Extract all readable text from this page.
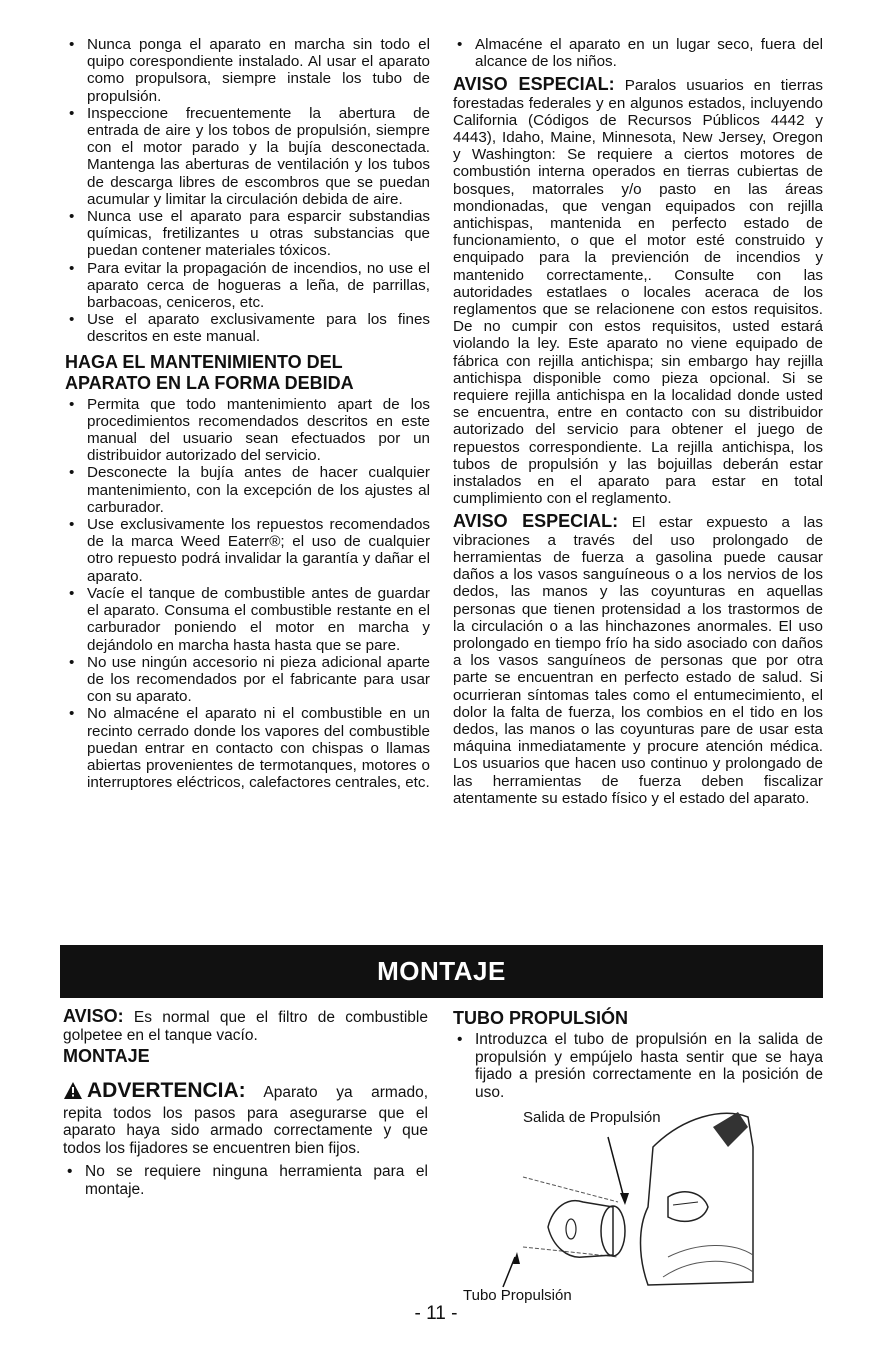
• Nunca ponga el aparato en marcha sin todo el quipo corespondiente instalado. Al usar el aparato como propulsora, siempre instale los tubo de propulsión.
• Inspeccione frecuentemente la abertura de entrada de aire y los tobos de propulsión, siempre con el motor parado y la bujía desconectada. Mantenga las aberturas de ventilación y los tubos de descarga libres de escombros que se puedan acumular y limitar la circulación debida de aire.
• Nunca use el aparato para esparcir substandias químicas, fretilizantes u otras substancias que puedan contener materiales tóxicos.
• Para evitar la propagación de incendios, no use el aparato cerca de hogueras a leña, de parrillas, barbacoas, ceniceros, etc.
• Use el aparato exclusivamente para los fines descritos en este manual.
HAGA EL MANTENIMIENTO DEL APARATO EN LA FORMA DEBIDA
• Permita que todo mantenimiento apart de los procedimientos recomendados descritos en este manual del usuario sean efectuados por un distribuidor autorizado del servicio.
• Desconecte la bujía antes de hacer cualquier mantenimiento, con la excepción de los ajustes al carburador.
• Use exclusivamente los repuestos recomendados de la marca Weed Eaterr®; el uso de cualquier otro repuesto podrá invalidar la garantía y dañar el aparato.
• Vacíe el tanque de combustible antes de guardar el aparato. Consuma el combustible restante en el carburador poniendo el motor en marcha y dejándolo en marcha hasta hasta que se pare.
• No use ningún accesorio ni pieza adicional aparte de los recomendados por el fabricante para usar con su aparato.
• No almacéne el aparato ni el combustible en un recinto cerrado donde los vapores del combustible puedan entrar en contacto con chispas o llamas abiertas provenientes de termotanques, motores o interruptores eléctricos, calefactores centrales, etc.
• Almacéne el aparato en un lugar seco, fuera del alcance de los niños.

AVISO ESPECIAL: Paralos usuarios en tierras forestadas federales y en algunos estados, incluyendo California (Códigos de Recursos Públicos 4442 y 4443), Idaho, Maine, Minnesota, New Jersey, Oregon y Washington: Se requiere a ciertos motores de combustión interna operados en tierras cubiertas de bosques, matorrales y/o pasto en las áreas mondionadas, que vengan equipados con rejilla antichispas, mantenida en perfecto estado de funcionamiento, o que el motor esté construido y enquipado para la previención de incendios y mantenido correctamente,. Consulte con las autoridades estatlaes o locales aceraca de los reglamentos que se relacionene con estos requisitos. De no cumpir con estos requisitos, usted estará violando la ley. Este aparato no viene equipado de fábrica con rejilla antichispa; sin embargo hay rejilla antichispa disponible como pieza opcional. Si se requiere rejilla antichispa en la localidad donde usted se encuentra, entre en contacto con su distribuidor autorizado del servicio para obtener el juego de repuestos correspondiente. La rejilla antichispa, los tubos de propulsión y las bojuillas deberán estar instalados en el aparato para estar en total cumplimiento con el reglamento.

AVISO ESPECIAL: El estar expuesto a las vibraciones a través del uso prolongado de herramientas de fuerza a gasolina puede causar daños a los vasos sanguíneous o a los nervios de los dedos, las manos y las coyunturas en aquellas personas que tienen protensidad a los trastormos de la circulación o a las hinchazones anormales. El uso prolongado en tiempo frío ha sido asociado con daños a los vasos sanguíneos de personas que por otra parte se encuentran en perfecto estado de salud. Si ocurrieran síntomas tales como el entumecimiento, el dolor la falta de fuerza, los combios en el tido en los dedos, las manos o las coyunturas pare de usar esta máquina inmediatamente y procure atención médica. Los usuarios que hacen uso continuo y prolongado de las herramientas de fuerza deben fiscalizar atentamente su estado físico y el estado del aparato.

MONTAJE

AVISO: Es normal que el filtro de combustible golpetee en el tanque vacío.

MONTAJE

ADVERTENCIA: Aparato ya armado, repita todos los pasos para asegurarse que el aparato haya sido armado correctamente y que todos los fijadores se encuentren bien fijos.

• No se requiere ninguna herramienta para el montaje.
TUBO PROPULSIÓN
• Introduzca el tubo de propulsión en la salida de propulsión y empújelo hasta sentir que se haya fijado a presión correctamente en la posición de uso.
Salida de Propulsión
Tubo Propulsión
- 11 -
